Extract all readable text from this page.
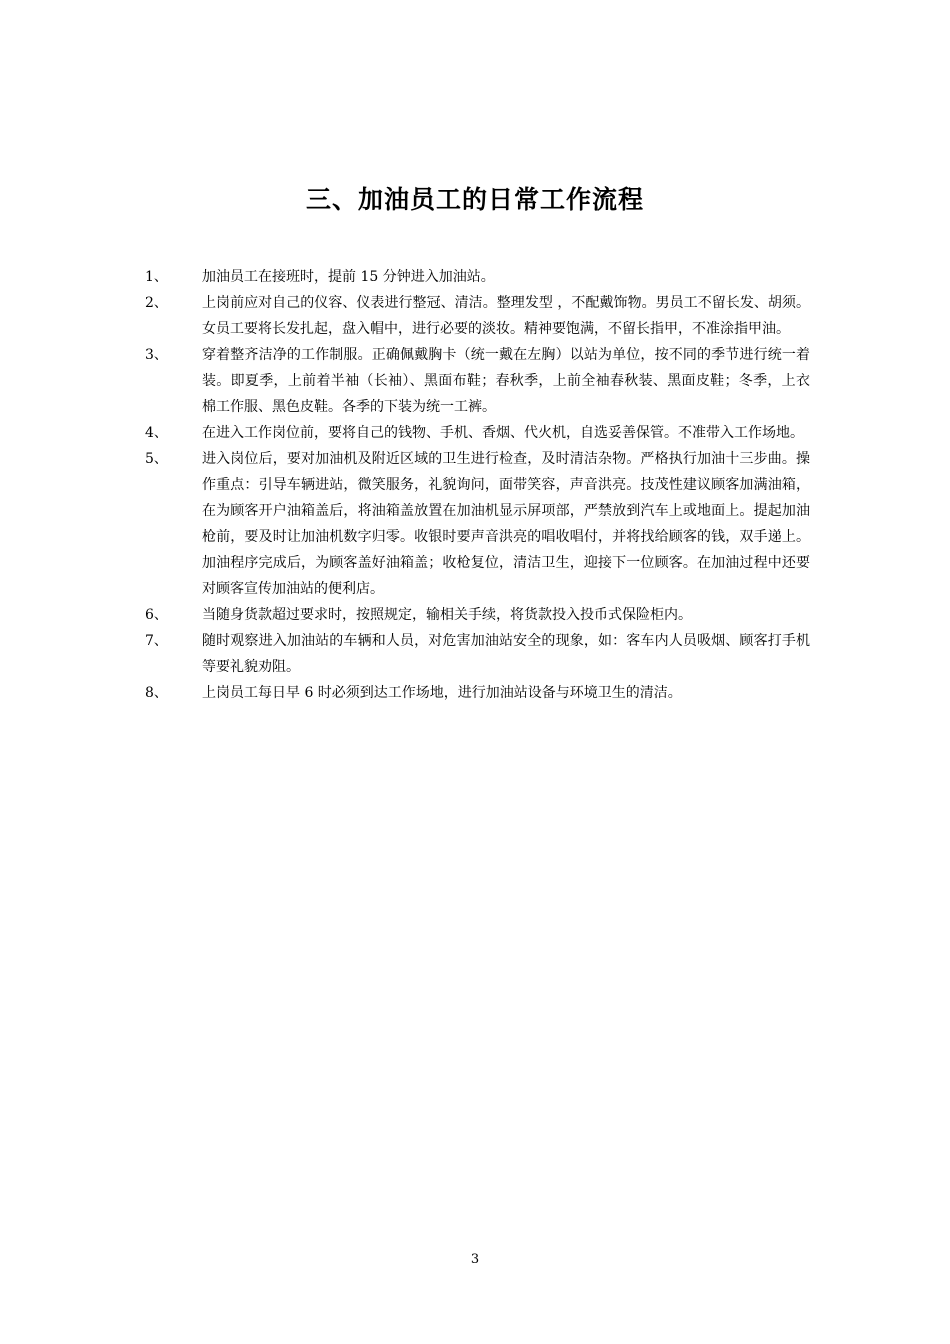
三、加油员工的日常工作流程
1、	加油员工在接班时，提前 15 分钟进入加油站。
2、	上岗前应对自己的仪容、仪表进行整冠、清洁。整理发型 ，不配戴饰物。男员工不留长发、胡须。女员工要将长发扎起，盘入帽中，进行必要的淡妆。精神要饱满，不留长指甲，不准涂指甲油。
3、	穿着整齐洁净的工作制服。正确佩戴胸卡（统一戴在左胸）以站为单位，按不同的季节进行统一着装。即夏季，上前着半袖（长袖）、黑面布鞋；春秋季，上前全袖春秋装、黑面皮鞋；冬季，上衣棉工作服、黑色皮鞋。各季的下装为统一工裤。
4、	在进入工作岗位前，要将自己的钱物、手机、香烟、代火机，自选妥善保管。不准带入工作场地。
5、	进入岗位后，要对加油机及附近区域的卫生进行检查，及时清洁杂物。严格执行加油十三步曲。操作重点：引导车辆进站，微笑服务，礼貌询问，面带笑容，声音洪亮。技茂性建议顾客加满油箱，在为顾客开户油箱盖后，将油箱盖放置在加油机显示屏项部，严禁放到汽车上或地面上。提起加油枪前，要及时让加油机数字归零。收银时要声音洪亮的唱收唱付，并将找给顾客的钱，双手递上。加油程序完成后，为顾客盖好油箱盖；收枪复位，清洁卫生，迎接下一位顾客。在加油过程中还要对顾客宣传加油站的便利店。
6、	当随身货款超过要求时，按照规定，输相关手续，将货款投入投币式保险柜内。
7、	随时观察进入加油站的车辆和人员，对危害加油站安全的现象，如：客车内人员吸烟、顾客打手机等要礼貌劝阻。
8、	上岗员工每日早 6 时必须到达工作场地，进行加油站设备与环境卫生的清洁。
3
